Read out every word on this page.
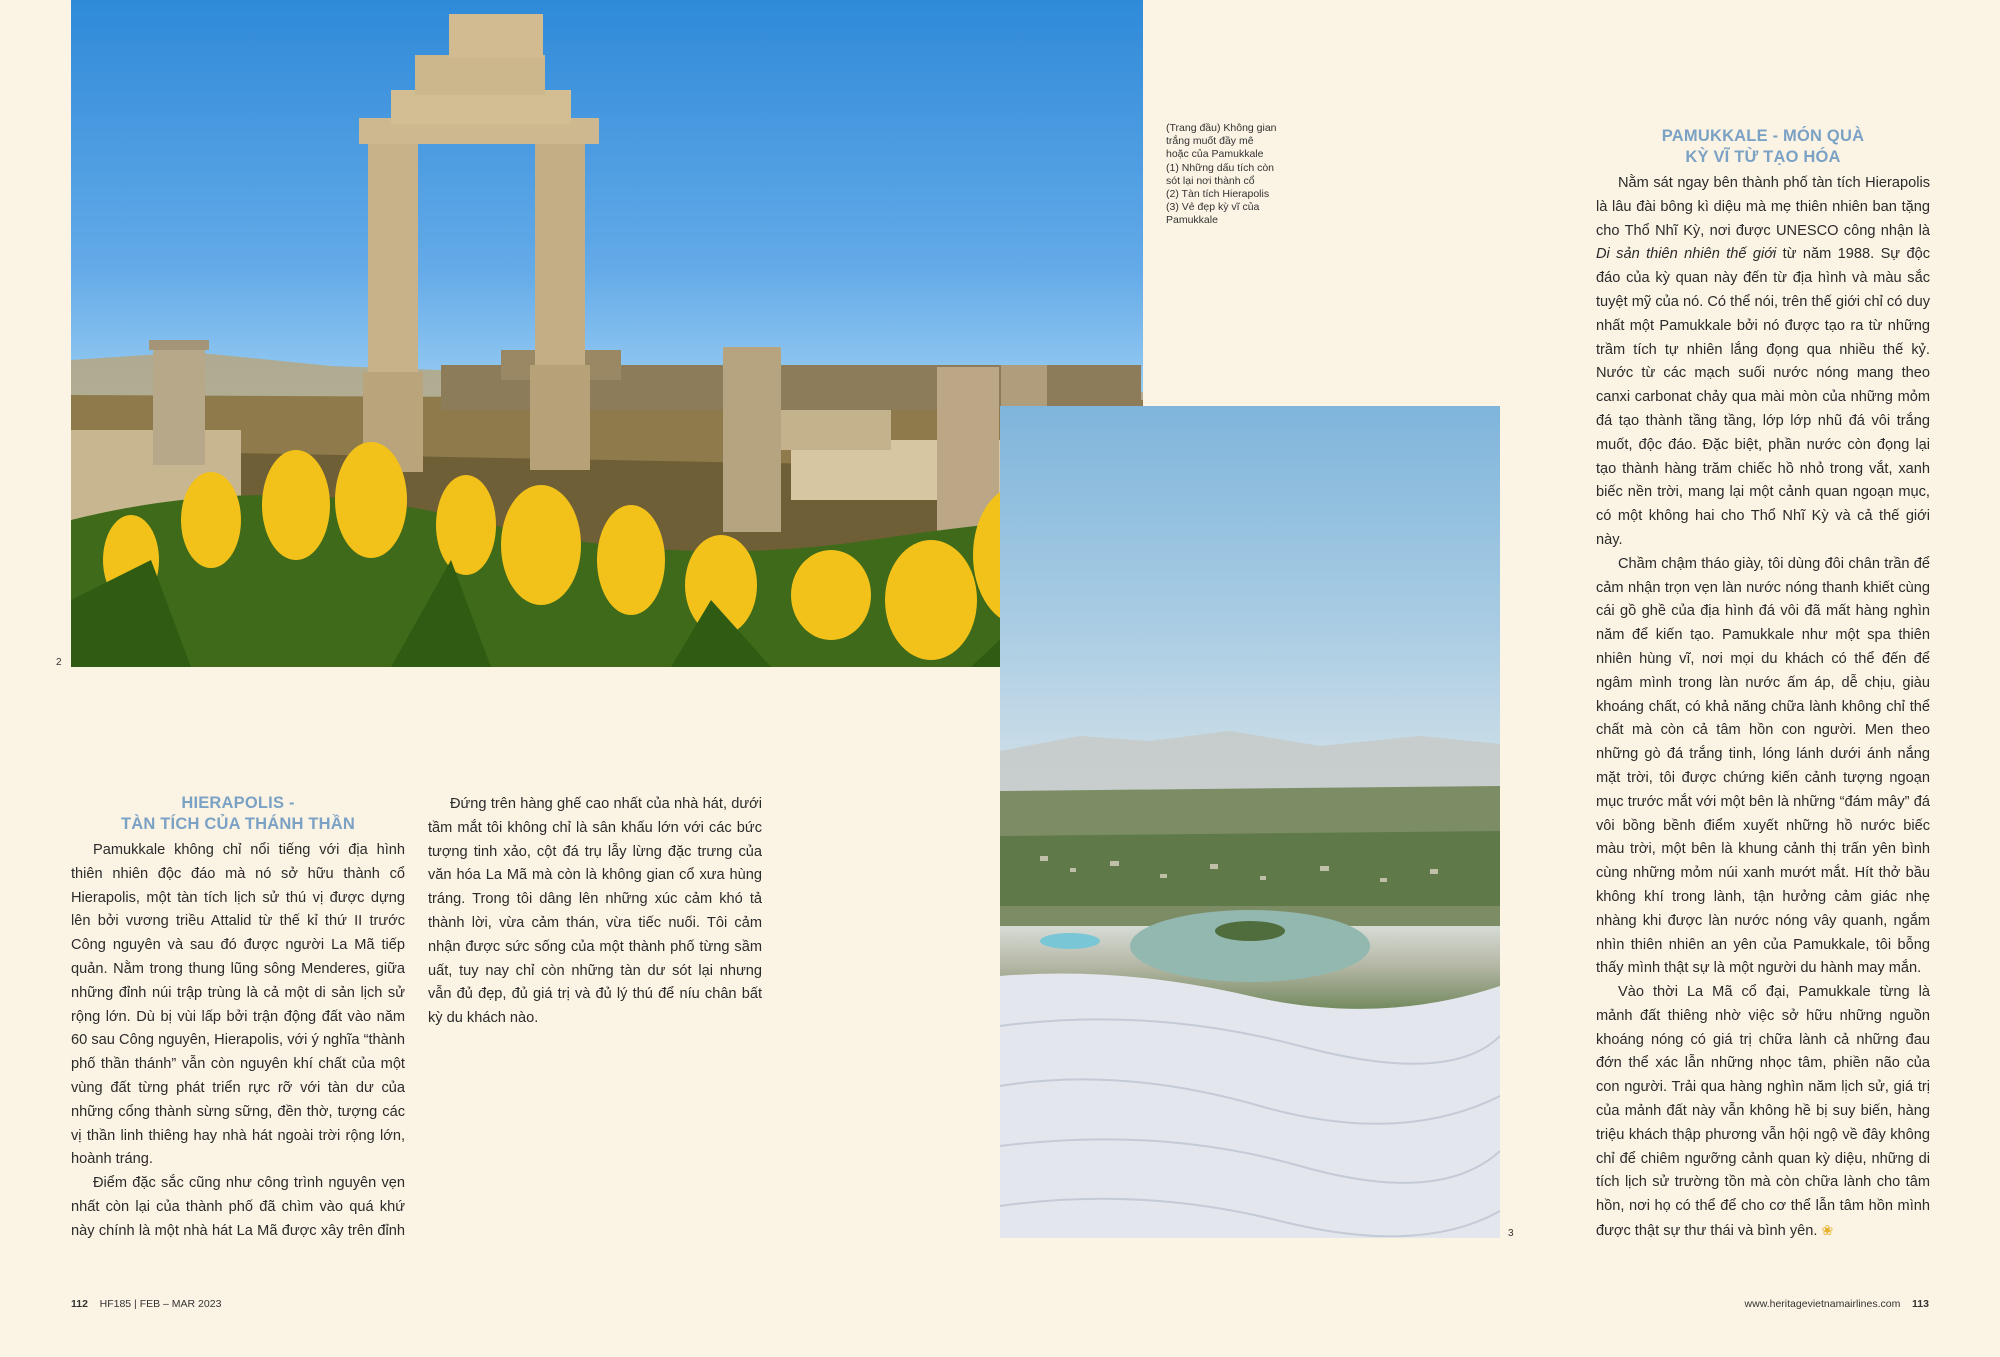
2
3
(Trang đầu) Không gian
trắng muốt đầy mê
hoặc của Pamukkale
(1) Những dấu tích còn
sót lại nơi thành cổ
(2) Tàn tích Hierapolis
(3) Vẻ đẹp kỳ vĩ của
Pamukkale
HIERAPOLIS -
TÀN TÍCH CỦA THÁNH THẦN

Pamukkale không chỉ nổi tiếng với địa hình thiên nhiên độc đáo mà nó sở hữu thành cổ Hierapolis, một tàn tích lịch sử thú vị được dựng lên bởi vương triều Attalid từ thế kỉ thứ II trước Công nguyên và sau đó được người La Mã tiếp quản. Nằm trong thung lũng sông Menderes, giữa những đỉnh núi trập trùng là cả một di sản lịch sử rộng lớn. Dù bị vùi lấp bởi trận động đất vào năm 60 sau Công nguyên, Hierapolis, với ý nghĩa “thành phố thần thánh” vẫn còn nguyên khí chất của một vùng đất từng phát triển rực rỡ với tàn dư của những cổng thành sừng sững, đền thờ, tượng các vị thần linh thiêng hay nhà hát ngoài trời rộng lớn, hoành tráng.

Điểm đặc sắc cũng như công trình nguyên vẹn nhất còn lại của thành phố đã chìm vào quá khứ này chính là một nhà hát La Mã được xây trên đỉnh

Đứng trên hàng ghế cao nhất của nhà hát, dưới tầm mắt tôi không chỉ là sân khấu lớn với các bức tượng tinh xảo, cột đá trụ lẫy lừng đặc trưng của văn hóa La Mã mà còn là không gian cổ xưa hùng tráng. Trong tôi dâng lên những xúc cảm khó tả thành lời, vừa cảm thán, vừa tiếc nuối. Tôi cảm nhận được sức sống của một thành phố từng sầm uất, tuy nay chỉ còn những tàn dư sót lại nhưng vẫn đủ đẹp, đủ giá trị và đủ lý thú để níu chân bất kỳ du khách nào.

PAMUKKALE - MÓN QUÀ
KỲ VĨ TỪ TẠO HÓA

Nằm sát ngay bên thành phố tàn tích Hierapolis là lâu đài bông kì diệu mà mẹ thiên nhiên ban tặng cho Thổ Nhĩ Kỳ, nơi được UNESCO công nhận là Di sản thiên nhiên thế giới từ năm 1988. Sự độc đáo của kỳ quan này đến từ địa hình và màu sắc tuyệt mỹ của nó. Có thể nói, trên thế giới chỉ có duy nhất một Pamukkale bởi nó được tạo ra từ những trầm tích tự nhiên lắng đọng qua nhiều thế kỷ. Nước từ các mạch suối nước nóng mang theo canxi carbonat chảy qua mài mòn của những mỏm đá tạo thành tầng tầng, lớp lớp nhũ đá vôi trắng muốt, độc đáo. Đặc biệt, phần nước còn đọng lại tạo thành hàng trăm chiếc hồ nhỏ trong vắt, xanh biếc nền trời, mang lại một cảnh quan ngoạn mục, có một không hai cho Thổ Nhĩ Kỳ và cả thế giới này.

Chầm chậm tháo giày, tôi dùng đôi chân trần để cảm nhận trọn vẹn làn nước nóng thanh khiết cùng cái gồ ghề của địa hình đá vôi đã mất hàng nghìn năm để kiến tạo. Pamukkale như một spa thiên nhiên hùng vĩ, nơi mọi du khách có thể đến để ngâm mình trong làn nước ấm áp, dễ chịu, giàu khoáng chất, có khả năng chữa lành không chỉ thể chất mà còn cả tâm hồn con người. Men theo những gò đá trắng tinh, lóng lánh dưới ánh nắng mặt trời, tôi được chứng kiến cảnh tượng ngoạn mục trước mắt với một bên là những “đám mây” đá vôi bồng bềnh điểm xuyết những hồ nước biếc màu trời, một bên là khung cảnh thị trấn yên bình cùng những mỏm núi xanh mướt mắt. Hít thở bầu không khí trong lành, tận hưởng cảm giác nhẹ nhàng khi được làn nước nóng vây quanh, ngắm nhìn thiên nhiên an yên của Pamukkale, tôi bỗng thấy mình thật sự là một người du hành may mắn.

Vào thời La Mã cổ đại, Pamukkale từng là mảnh đất thiêng nhờ việc sở hữu những nguồn khoáng nóng có giá trị chữa lành cả những đau đớn thể xác lẫn những nhọc tâm, phiền não của con người. Trải qua hàng nghìn năm lịch sử, giá trị của mảnh đất này vẫn không hề bị suy biến, hàng triệu khách thập phương vẫn hội ngộ về đây không chỉ để chiêm ngưỡng cảnh quan kỳ diệu, những di tích lịch sử trường tồn mà còn chữa lành cho tâm hồn, nơi họ có thể để cho cơ thể lẫn tâm hồn mình được thật sự thư thái và bình yên. ❀

112 HF185 | FEB – MAR 2023	www.heritagevietnamairlines.com 113
